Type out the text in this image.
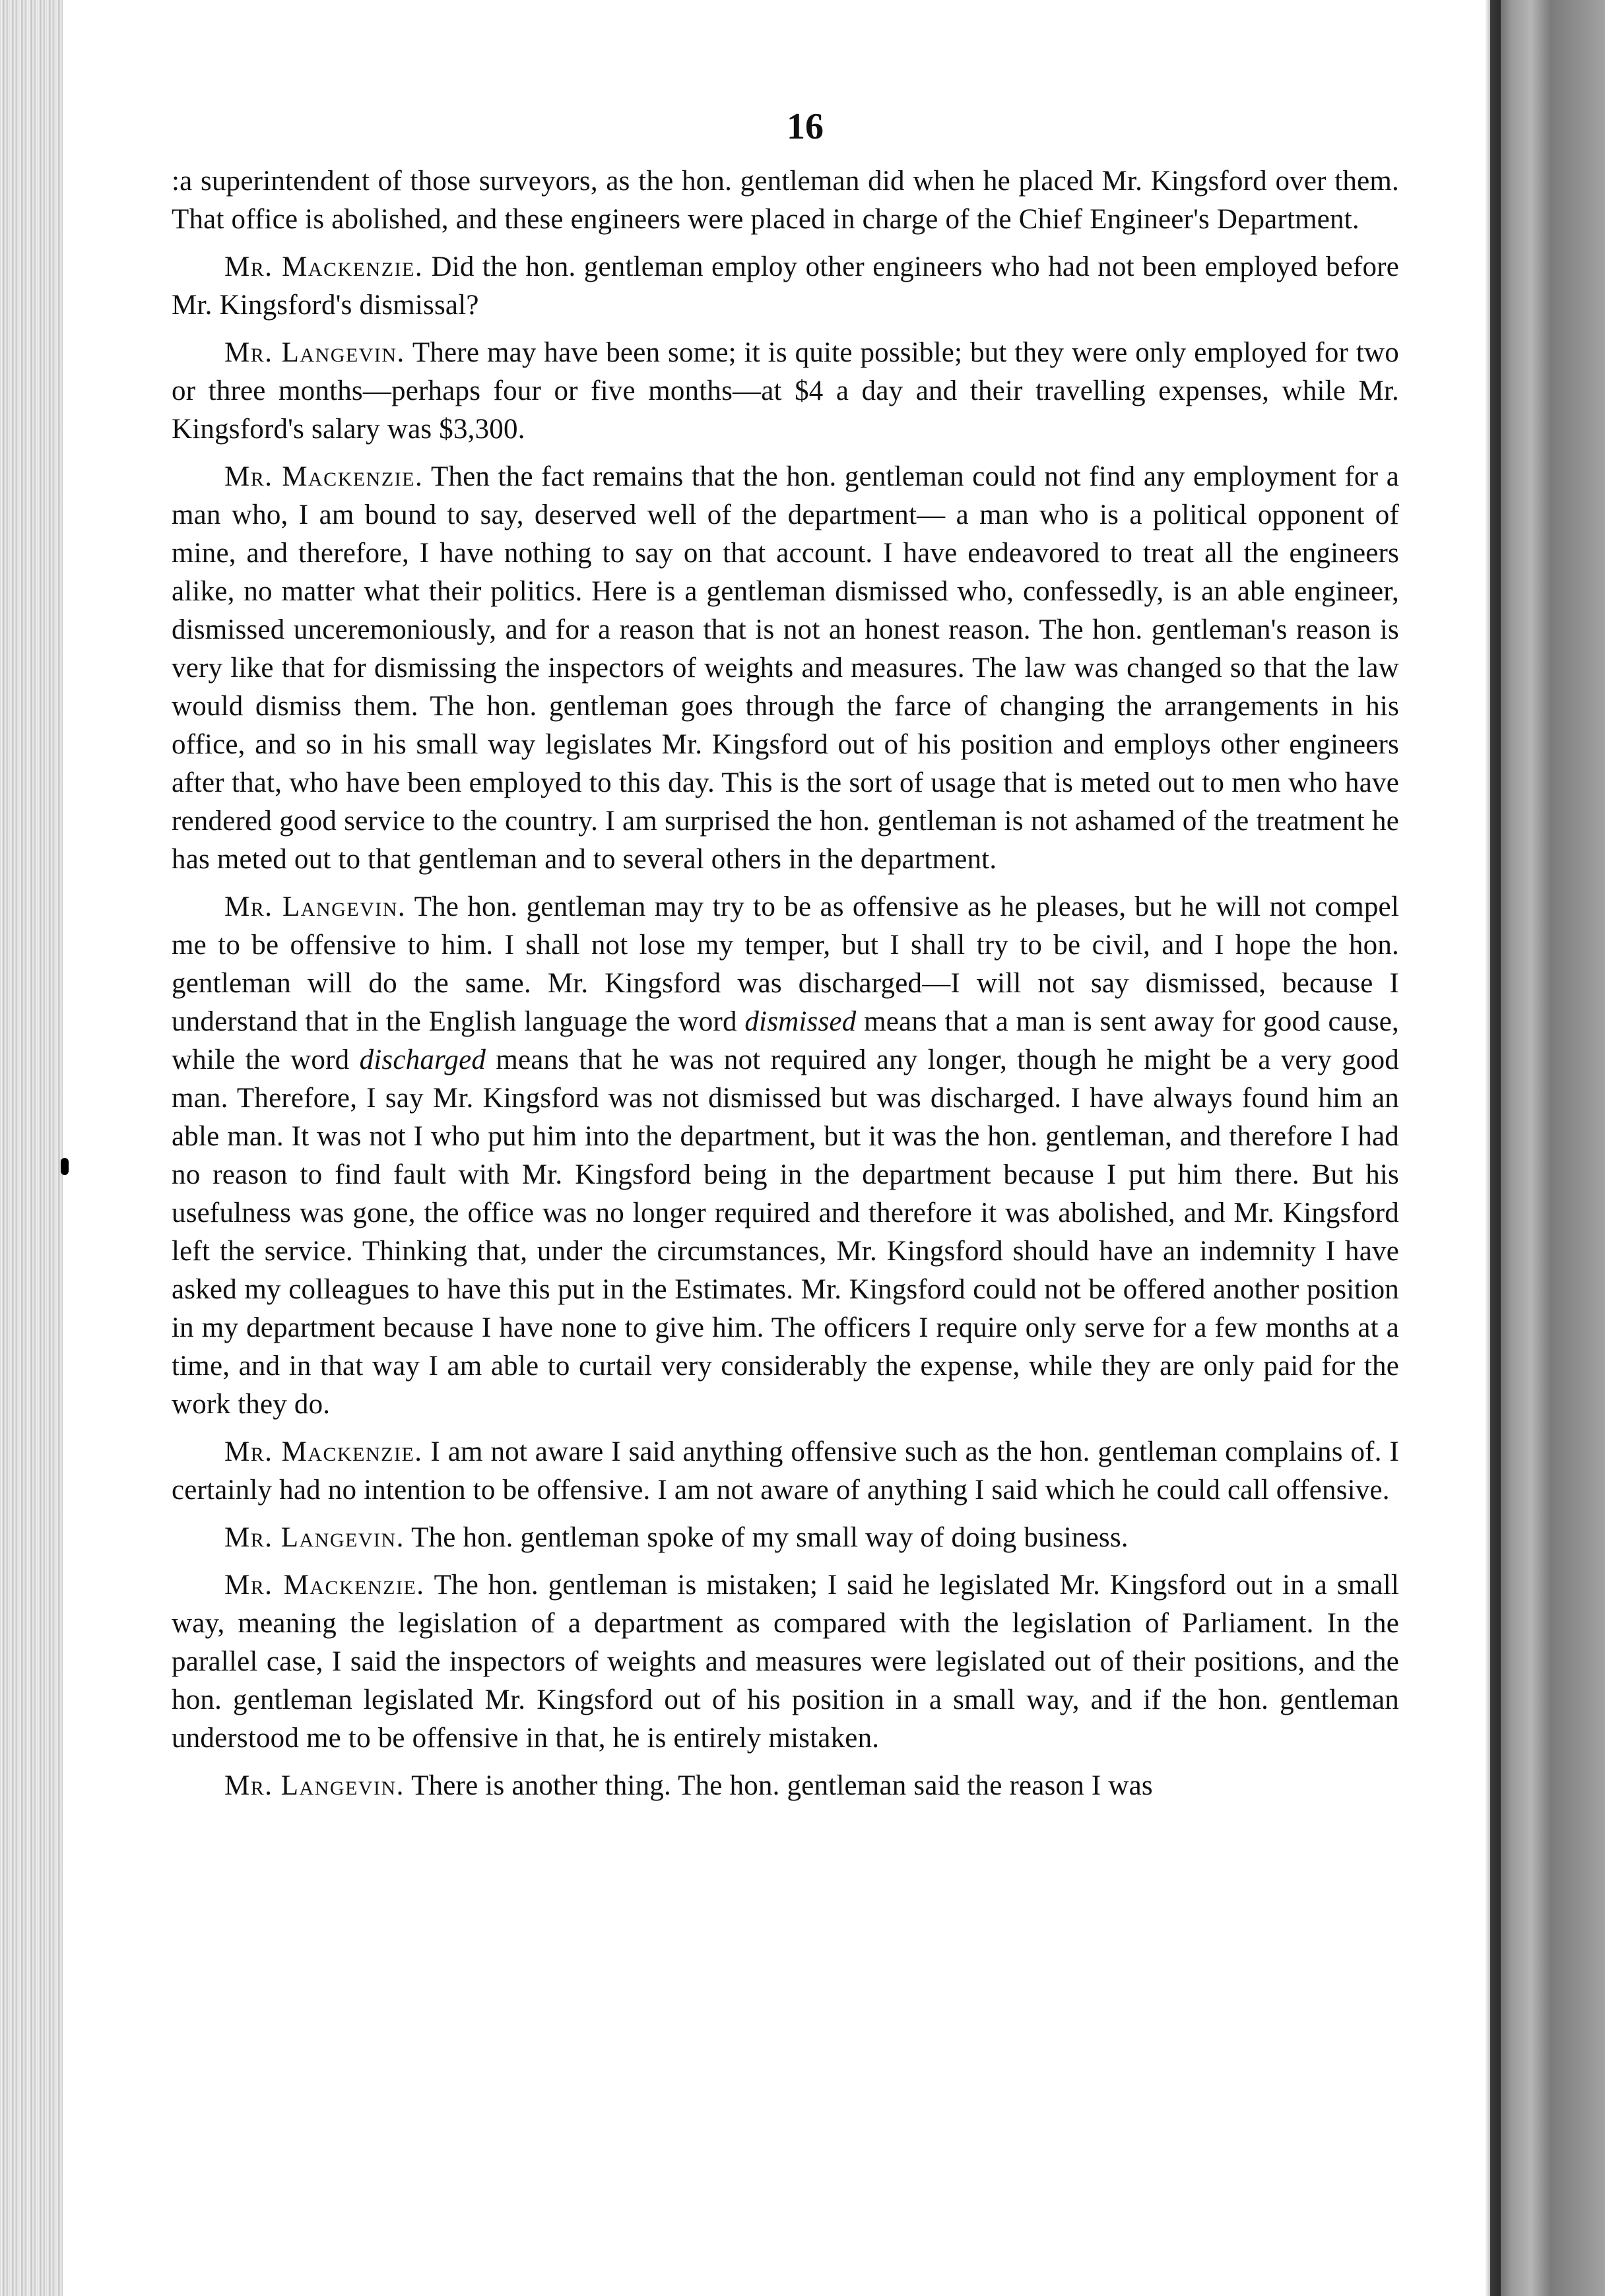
16

:a superintendent of those surveyors, as the hon. gentleman did when he placed Mr. Kingsford over them. That office is abolished, and these engineers were placed in charge of the Chief Engineer's Department.

Mr. Mackenzie. Did the hon. gentleman employ other engineers who had not been employed before Mr. Kingsford's dismissal?

Mr. Langevin. There may have been some; it is quite possible; but they were only employed for two or three months—perhaps four or five months—at $4 a day and their travelling expenses, while Mr. Kingsford's salary was $3,300.

Mr. Mackenzie. Then the fact remains that the hon. gentleman could not find any employment for a man who, I am bound to say, deserved well of the department— a man who is a political opponent of mine, and therefore, I have nothing to say on that account. I have endeavored to treat all the engineers alike, no matter what their politics. Here is a gentleman dismissed who, confessedly, is an able engineer, dismissed unceremoniously, and for a reason that is not an honest reason. The hon. gentleman's reason is very like that for dismissing the inspectors of weights and measures. The law was changed so that the law would dismiss them. The hon. gentleman goes through the farce of changing the arrangements in his office, and so in his small way legislates Mr. Kingsford out of his position and employs other engineers after that, who have been employed to this day. This is the sort of usage that is meted out to men who have rendered good service to the country. I am surprised the hon. gentleman is not ashamed of the treatment he has meted out to that gentleman and to several others in the department.

Mr. Langevin. The hon. gentleman may try to be as offensive as he pleases, but he will not compel me to be offensive to him. I shall not lose my temper, but I shall try to be civil, and I hope the hon. gentleman will do the same. Mr. Kingsford was discharged—I will not say dismissed, because I understand that in the English language the word dismissed means that a man is sent away for good cause, while the word discharged means that he was not required any longer, though he might be a very good man. Therefore, I say Mr. Kingsford was not dismissed but was discharged. I have always found him an able man. It was not I who put him into the department, but it was the hon. gentleman, and therefore I had no reason to find fault with Mr. Kingsford being in the department because I put him there. But his usefulness was gone, the office was no longer required and therefore it was abolished, and Mr. Kingsford left the service. Thinking that, under the circumstances, Mr. Kingsford should have an indemnity I have asked my colleagues to have this put in the Estimates. Mr. Kingsford could not be offered another position in my department because I have none to give him. The officers I require only serve for a few months at a time, and in that way I am able to curtail very considerably the expense, while they are only paid for the work they do.

Mr. Mackenzie. I am not aware I said anything offensive such as the hon. gentleman complains of. I certainly had no intention to be offensive. I am not aware of anything I said which he could call offensive.

Mr. Langevin. The hon. gentleman spoke of my small way of doing business.

Mr. Mackenzie. The hon. gentleman is mistaken; I said he legislated Mr. Kingsford out in a small way, meaning the legislation of a department as compared with the legislation of Parliament. In the parallel case, I said the inspectors of weights and measures were legislated out of their positions, and the hon. gentleman legislated Mr. Kingsford out of his position in a small way, and if the hon. gentleman understood me to be offensive in that, he is entirely mistaken.

Mr. Langevin. There is another thing. The hon. gentleman said the reason I was
